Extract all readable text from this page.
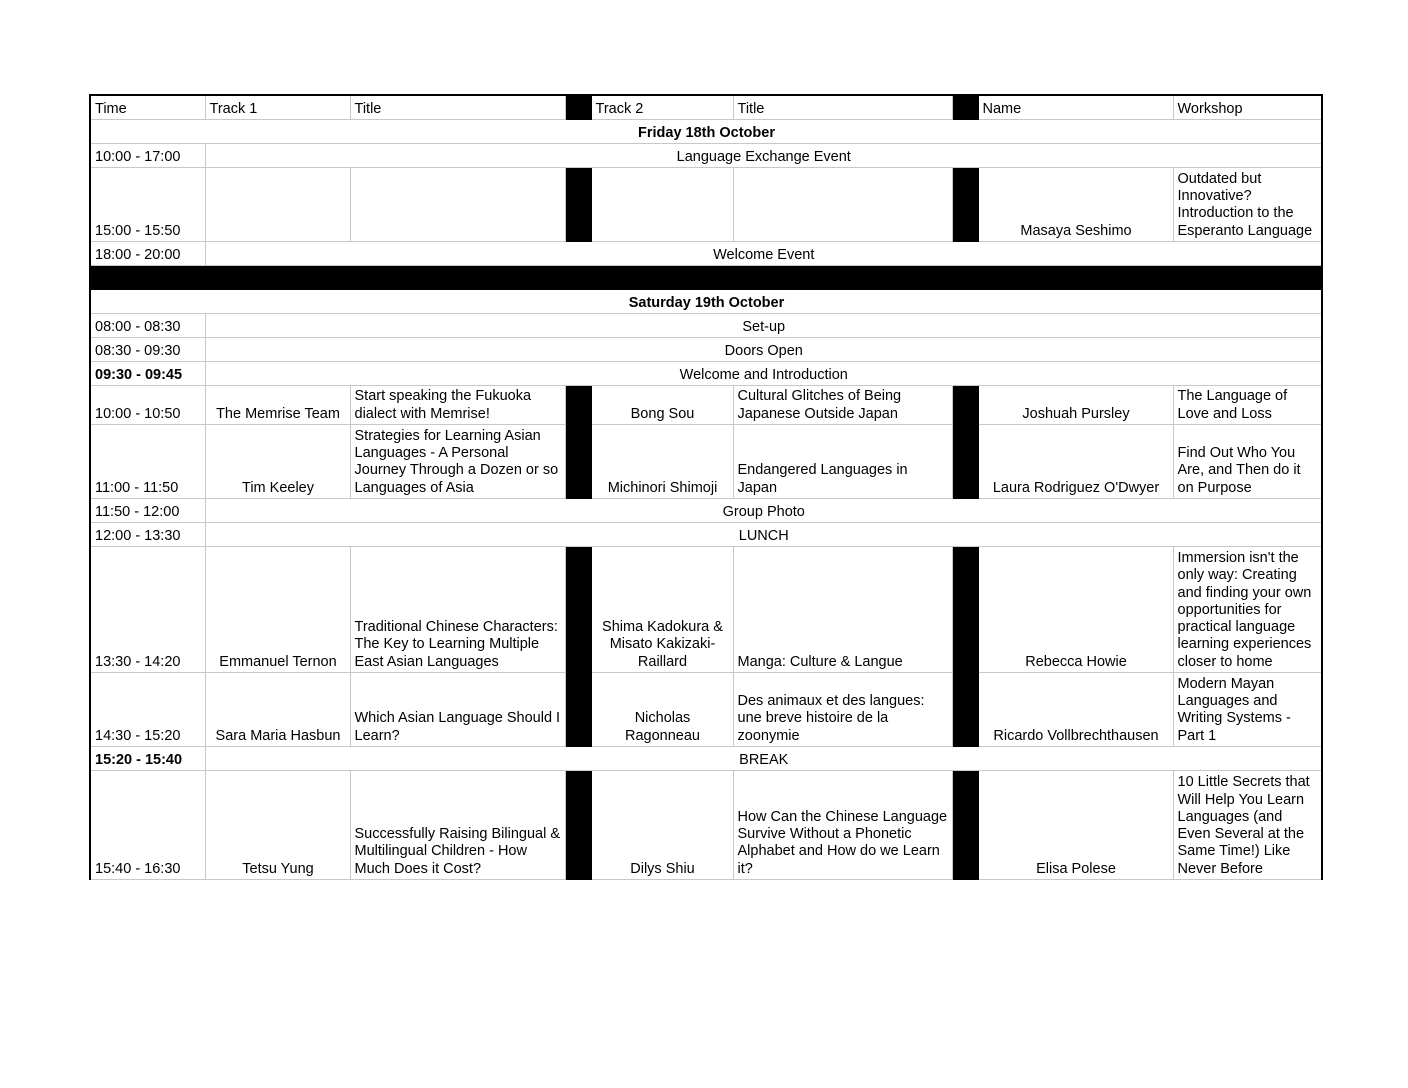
Time	Track 1	Title		Track 2	Title		Name	Workshop
Friday 18th October								
10:00 - 17:00	Language Exchange Event							
15:00 - 15:50							Masaya Seshimo	Outdated but Innovative? Introduction to the Esperanto Language
18:00 - 20:00	Welcome Event							

Saturday 19th October								
08:00 - 08:30	Set-up							
08:30 - 09:30	Doors Open							
09:30 - 09:45	Welcome and Introduction							
10:00 - 10:50	The Memrise Team	Start speaking the Fukuoka dialect with Memrise!		Bong Sou	Cultural Glitches of Being Japanese Outside Japan		Joshuah Pursley	The Language of Love and Loss
11:00 - 11:50	Tim Keeley	Strategies for Learning Asian Languages - A Personal Journey Through a Dozen or so Languages of Asia		Michinori Shimoji	Endangered Languages in Japan		Laura Rodriguez O'Dwyer	Find Out Who You Are, and Then do it on Purpose
11:50 - 12:00	Group Photo							
12:00 - 13:30	LUNCH							
13:30 - 14:20	Emmanuel Ternon	Traditional Chinese Characters: The Key to Learning Multiple East Asian Languages		Shima Kadokura & Misato Kakizaki-Raillard	Manga: Culture & Langue		Rebecca Howie	Immersion isn't the only way: Creating and finding your own opportunities for practical language learning experiences closer to home
14:30 - 15:20	Sara Maria Hasbun	Which Asian Language Should I Learn?		Nicholas Ragonneau	Des animaux et des langues: une breve histoire de la zoonymie		Ricardo Vollbrechthausen	Modern Mayan Languages and Writing Systems - Part 1
15:20 - 15:40	BREAK							
15:40 - 16:30	Tetsu Yung	Successfully Raising Bilingual & Multilingual Children - How Much Does it Cost?		Dilys Shiu	How Can the Chinese Language Survive Without a Phonetic Alphabet and How do we Learn it?		Elisa Polese	10 Little Secrets that Will Help You Learn Languages (and Even Several at the Same Time!) Like Never Before
